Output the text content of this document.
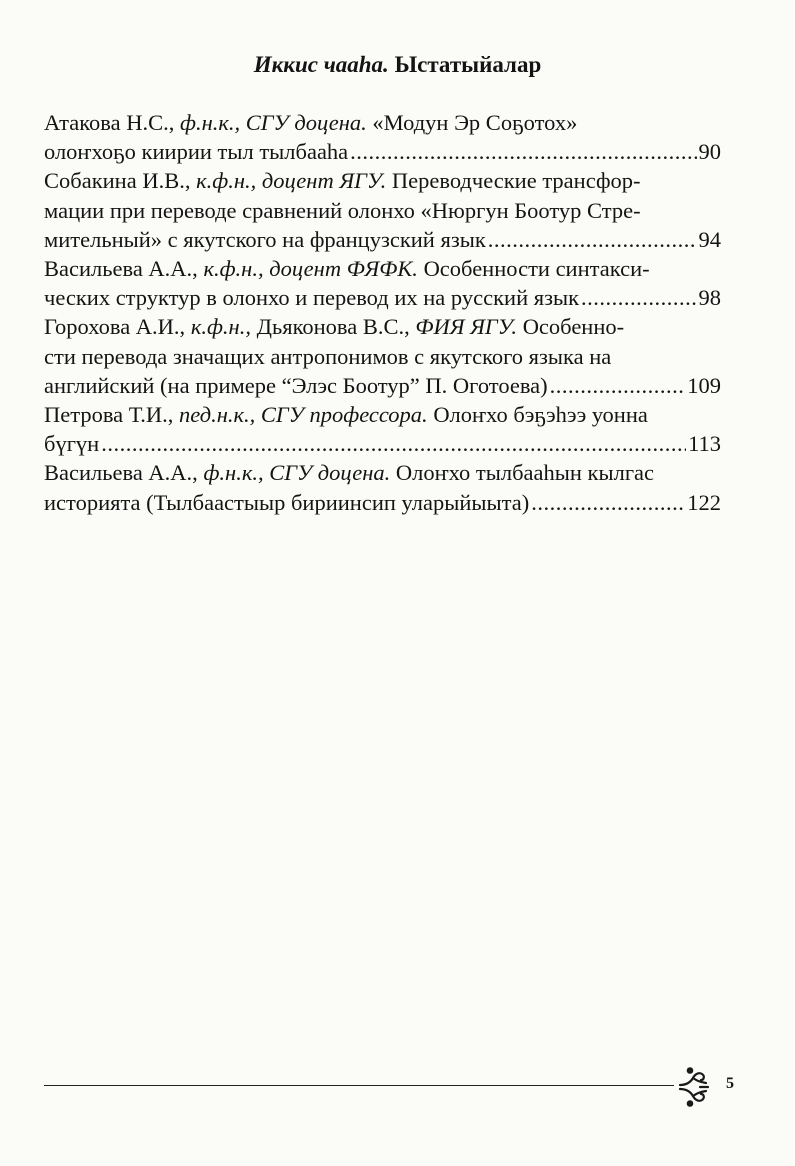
Иккис чааһа. Ыстатыйалар
Атакова Н.С., ф.н.к., СГУ доцена. «Модун Эр Соҕотох»
олоҥхоҕо киирии тыл тылбааһа .....	90
Собакина И.В., к.ф.н., доцент ЯГУ. Переводческие трансфор-
мации при переводе сравнений олонхо «Нюргун Боотур Стре-
мительный» с якутского на французский язык .....	94
Васильева А.А., к.ф.н., доцент ФЯФК. Особенности синтакси-
ческих структур в олонхо и перевод их на русский язык .....	98
Горохова А.И., к.ф.н., Дьяконова В.С., ФИЯ ЯГУ. Особенно-
сти перевода значащих антропонимов с якутского языка на
английский (на примере “Элэс Боотур” П. Оготоева) .....	109
Петрова Т.И., пед.н.к., СГУ профессора. Олоҥхо бэҕэһээ уонна
бүгүн .....	113
Васильева А.А., ф.н.к., СГУ доцена. Олоҥхо тылбааһын кылгас
историята (Тылбаастыыр бириинсип уларыйыыта) .....	122
5
